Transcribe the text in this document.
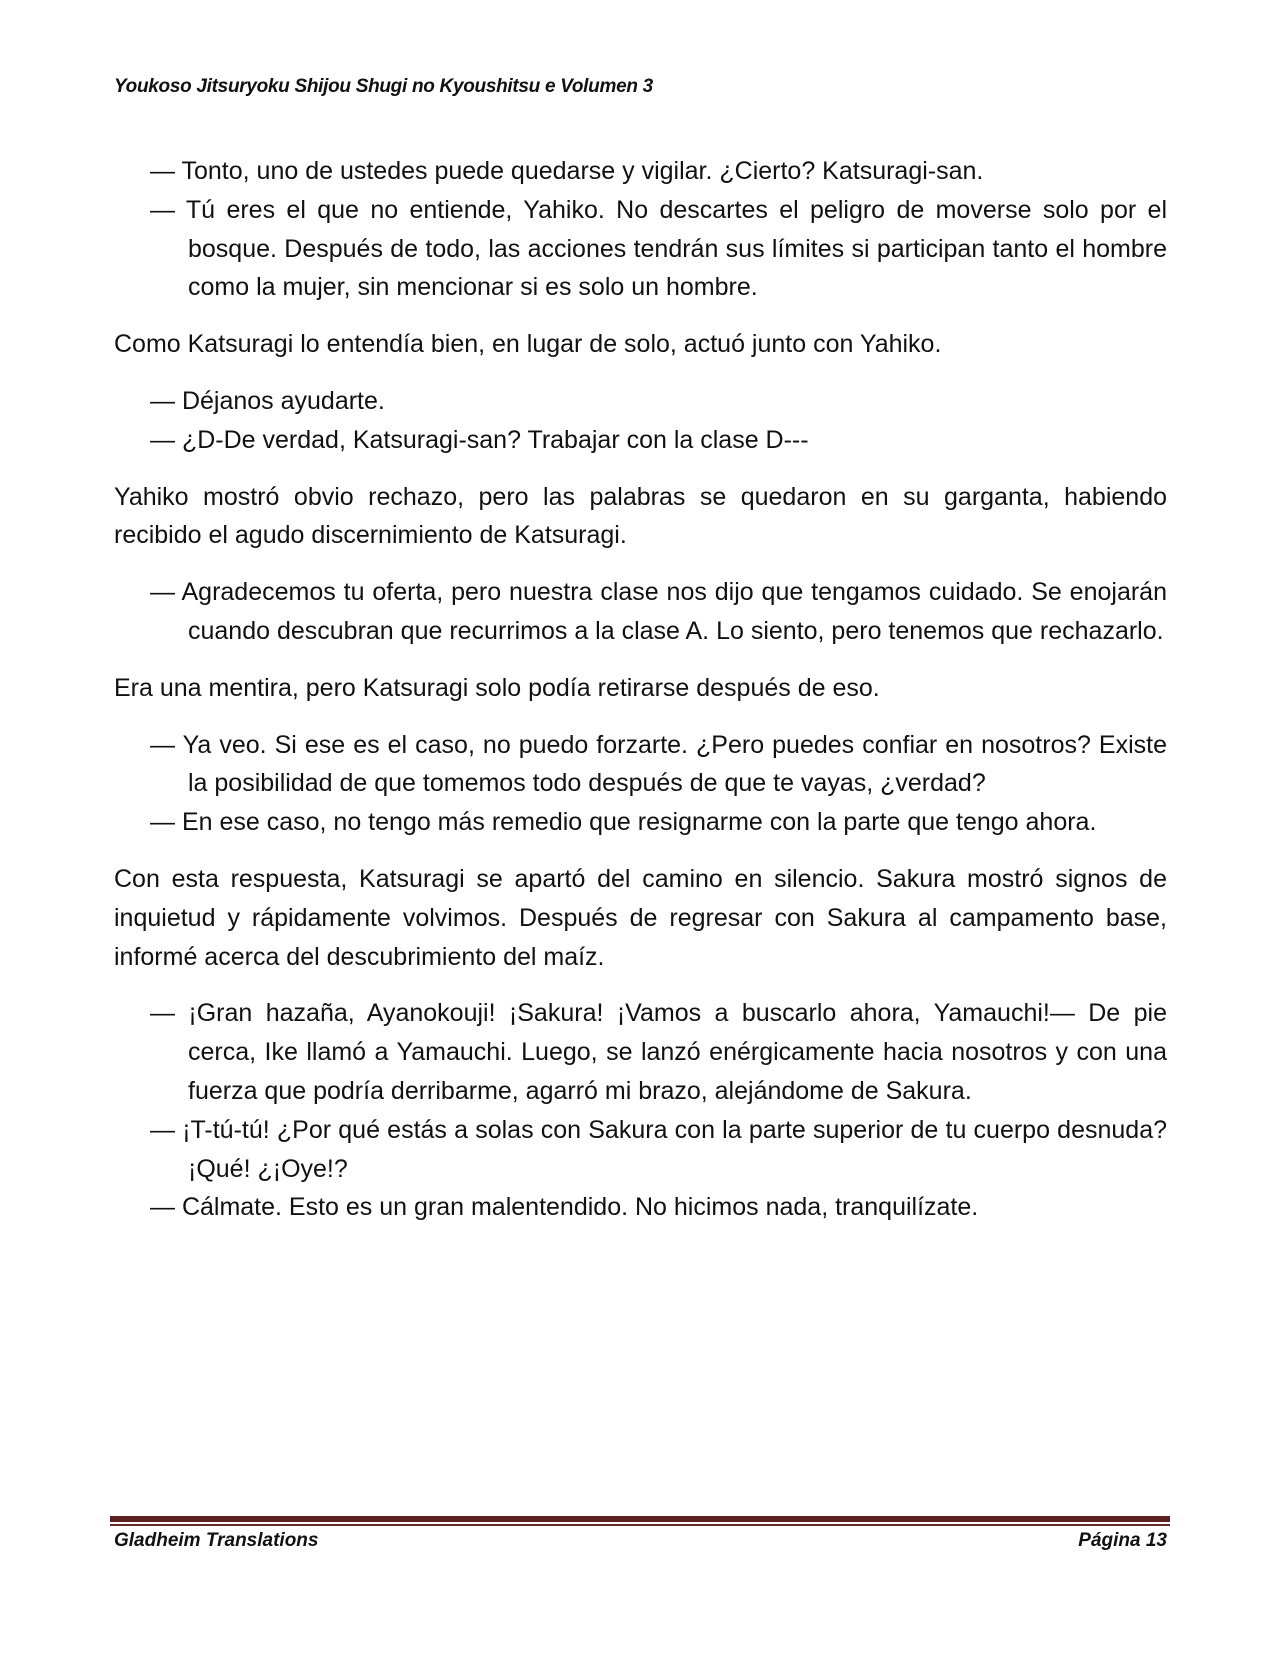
Youkoso Jitsuryoku Shijou Shugi no Kyoushitsu e Volumen 3
— Tonto, uno de ustedes puede quedarse y vigilar. ¿Cierto? Katsuragi-san.
— Tú eres el que no entiende, Yahiko. No descartes el peligro de moverse solo por el bosque. Después de todo, las acciones tendrán sus límites si participan tanto el hombre como la mujer, sin mencionar si es solo un hombre.

Como Katsuragi lo entendía bien, en lugar de solo, actuó junto con Yahiko.

— Déjanos ayudarte.
— ¿D-De verdad, Katsuragi-san? Trabajar con la clase D---

Yahiko mostró obvio rechazo, pero las palabras se quedaron en su garganta, habiendo recibido el agudo discernimiento de Katsuragi.

— Agradecemos tu oferta, pero nuestra clase nos dijo que tengamos cuidado. Se enojarán cuando descubran que recurrimos a la clase A. Lo siento, pero tenemos que rechazarlo.

Era una mentira, pero Katsuragi solo podía retirarse después de eso.

— Ya veo. Si ese es el caso, no puedo forzarte. ¿Pero puedes confiar en nosotros? Existe la posibilidad de que tomemos todo después de que te vayas, ¿verdad?
— En ese caso, no tengo más remedio que resignarme con la parte que tengo ahora.

Con esta respuesta, Katsuragi se apartó del camino en silencio. Sakura mostró signos de inquietud y rápidamente volvimos. Después de regresar con Sakura al campamento base, informé acerca del descubrimiento del maíz.

— ¡Gran hazaña, Ayanokouji! ¡Sakura! ¡Vamos a buscarlo ahora, Yamauchi!— De pie cerca, Ike llamó a Yamauchi. Luego, se lanzó enérgicamente hacia nosotros y con una fuerza que podría derribarme, agarró mi brazo, alejándome de Sakura.
— ¡T-tú-tú! ¿Por qué estás a solas con Sakura con la parte superior de tu cuerpo desnuda? ¡Qué! ¿¡Oye!?
— Cálmate. Esto es un gran malentendido. No hicimos nada, tranquilízate.
Gladheim Translations	Página 13
